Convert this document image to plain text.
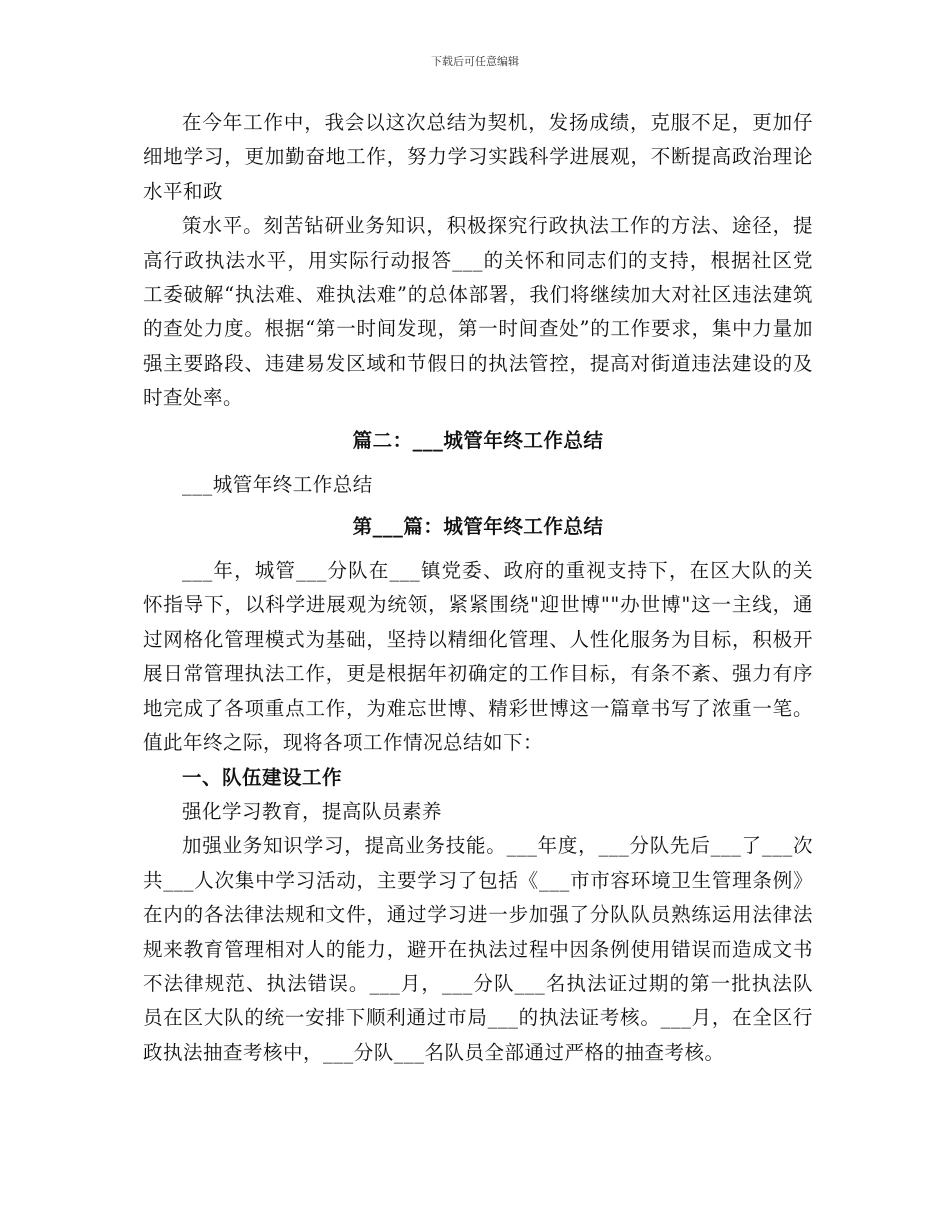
下载后可任意编辑

在今年工作中，我会以这次总结为契机，发扬成绩，克服不足，更加仔细地学习，更加勤奋地工作，努力学习实践科学进展观，不断提高政治理论水平和政

策水平。刻苦钻研业务知识，积极探究行政执法工作的方法、途径，提高行政执法水平，用实际行动报答___的关怀和同志们的支持，根据社区党工委破解“执法难、难执法难”的总体部署，我们将继续加大对社区违法建筑的查处力度。根据“第一时间发现，第一时间查处”的工作要求，集中力量加强主要路段、违建易发区域和节假日的执法管控，提高对街道违法建设的及时查处率。

篇二：___城管年终工作总结

___城管年终工作总结

第___篇：城管年终工作总结

___年，城管___分队在___镇党委、政府的重视支持下，在区大队的关怀指导下，以科学进展观为统领，紧紧围绕"迎世博""办世博"这一主线，通过网格化管理模式为基础，坚持以精细化管理、人性化服务为目标，积极开展日常管理执法工作，更是根据年初确定的工作目标，有条不紊、强力有序地完成了各项重点工作，为难忘世博、精彩世博这一篇章书写了浓重一笔。值此年终之际，现将各项工作情况总结如下：

一、队伍建设工作

强化学习教育，提高队员素养

加强业务知识学习，提高业务技能。___年度，___分队先后___了___次共___人次集中学习活动，主要学习了包括《___市市容环境卫生管理条例》在内的各法律法规和文件，通过学习进一步加强了分队队员熟练运用法律法规来教育管理相对人的能力，避开在执法过程中因条例使用错误而造成文书不法律规范、执法错误。___月，___分队___名执法证过期的第一批执法队员在区大队的统一安排下顺利通过市局___的执法证考核。___月，在全区行政执法抽查考核中，___分队___名队员全部通过严格的抽查考核。
